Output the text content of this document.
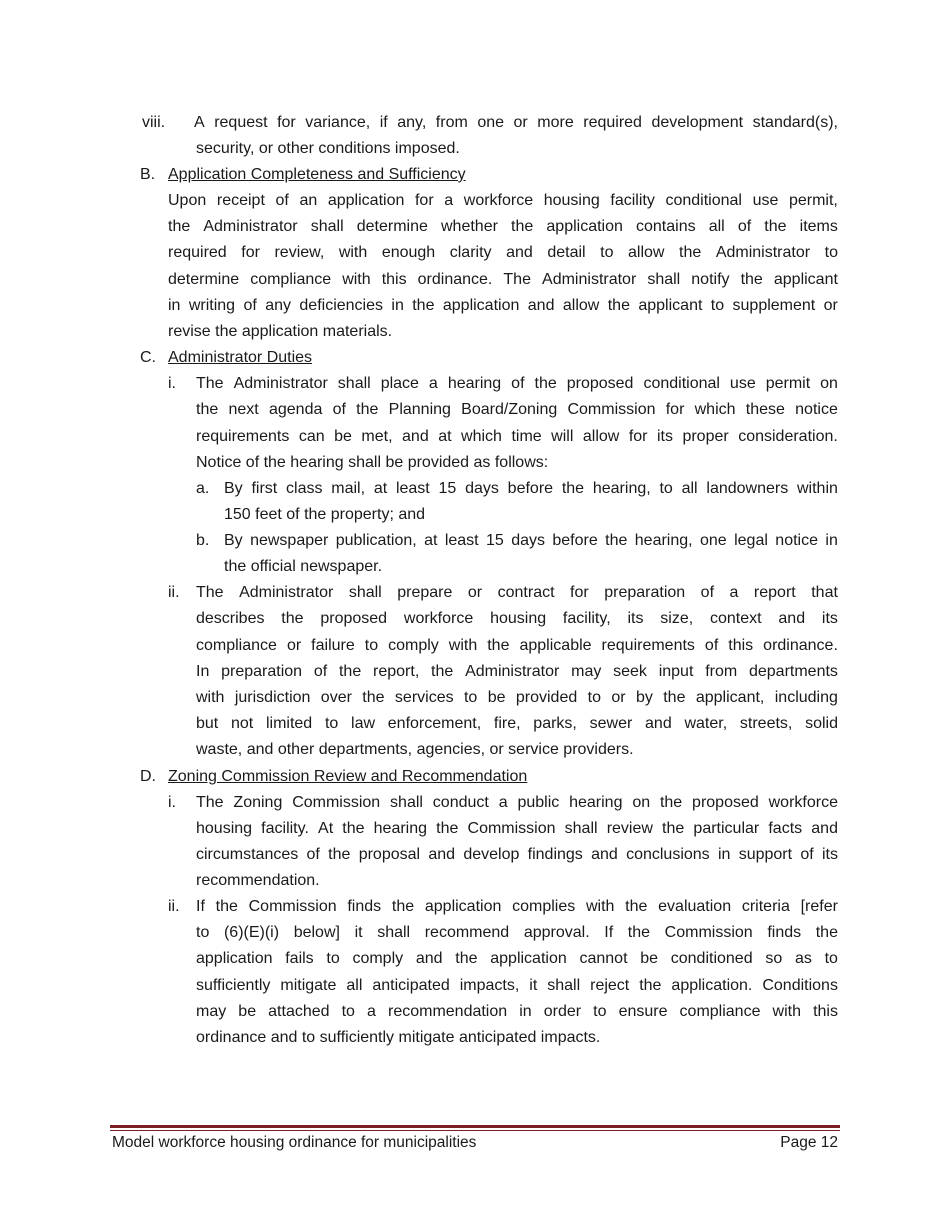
viii. A request for variance, if any, from one or more required development standard(s),
security, or other conditions imposed.
B. Application Completeness and Sufficiency
Upon receipt of an application for a workforce housing facility conditional use permit,
the Administrator shall determine whether the application contains all of the items
required for review, with enough clarity and detail to allow the Administrator to
determine compliance with this ordinance. The Administrator shall notify the applicant
in writing of any deficiencies in the application and allow the applicant to supplement or
revise the application materials.
C. Administrator Duties
i. The Administrator shall place a hearing of the proposed conditional use permit on
the next agenda of the Planning Board/Zoning Commission for which these notice
requirements can be met, and at which time will allow for its proper consideration.
Notice of the hearing shall be provided as follows:
a. By first class mail, at least 15 days before the hearing, to all landowners within
150 feet of the property; and
b. By newspaper publication, at least 15 days before the hearing, one legal notice in
the official newspaper.
ii. The Administrator shall prepare or contract for preparation of a report that
describes the proposed workforce housing facility, its size, context and its
compliance or failure to comply with the applicable requirements of this ordinance.
In preparation of the report, the Administrator may seek input from departments
with jurisdiction over the services to be provided to or by the applicant, including
but not limited to law enforcement, fire, parks, sewer and water, streets, solid
waste, and other departments, agencies, or service providers.
D. Zoning Commission Review and Recommendation
i. The Zoning Commission shall conduct a public hearing on the proposed workforce
housing facility. At the hearing the Commission shall review the particular facts and
circumstances of the proposal and develop findings and conclusions in support of its
recommendation.
ii. If the Commission finds the application complies with the evaluation criteria [refer
to (6)(E)(i) below] it shall recommend approval. If the Commission finds the
application fails to comply and the application cannot be conditioned so as to
sufficiently mitigate all anticipated impacts, it shall reject the application. Conditions
may be attached to a recommendation in order to ensure compliance with this
ordinance and to sufficiently mitigate anticipated impacts.
Model workforce housing ordinance for municipalities	Page 12
